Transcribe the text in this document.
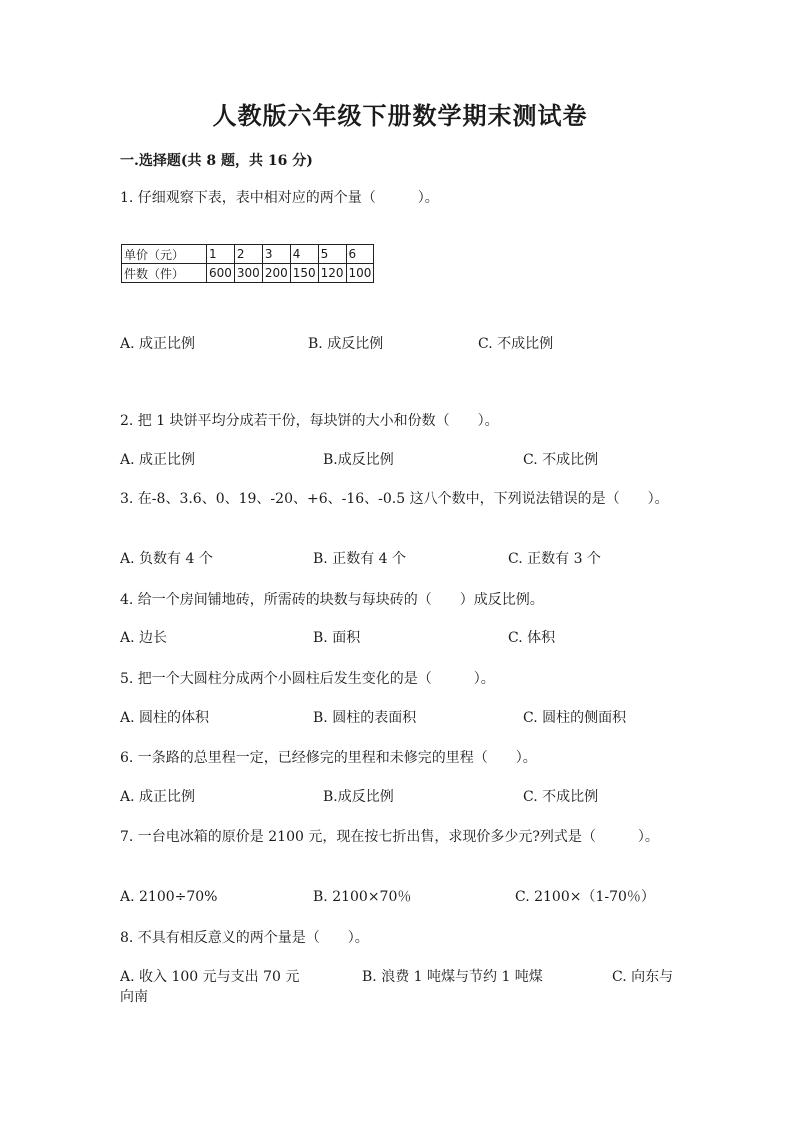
人教版六年级下册数学期末测试卷
一.选择题(共 8 题，共 16 分)
1. 仔细观察下表，表中相对应的两个量（　　　）。
单价（元）	1	2	3	4	5	6
件数（件）	600	300	200	150	120	100
A. 成正比例	B. 成反比例	C. 不成比例
2. 把 1 块饼平均分成若干份，每块饼的大小和份数（　　）。
A. 成正比例	B.成反比例	C. 不成比例
3. 在-8、3.6、0、19、-20、+6、-16、-0.5 这八个数中，下列说法错误的是（　　）。
A. 负数有 4 个	B. 正数有 4 个	C. 正数有 3 个
4. 给一个房间铺地砖，所需砖的块数与每块砖的（　　）成反比例。
A. 边长	B. 面积	C. 体积
5. 把一个大圆柱分成两个小圆柱后发生变化的是（　　　）。
A. 圆柱的体积	B. 圆柱的表面积	C. 圆柱的侧面积
6. 一条路的总里程一定，已经修完的里程和未修完的里程（　　）。
A. 成正比例	B.成反比例	C. 不成比例
7. 一台电冰箱的原价是 2100 元，现在按七折出售，求现价多少元?列式是（　　　）。
A. 2100÷70%	B. 2100×70％	C. 2100×（1-70％）
8. 不具有相反意义的两个量是（　　）。
A. 收入 100 元与支出 70 元	B. 浪费 1 吨煤与节约 1 吨煤	C. 向东与向南
